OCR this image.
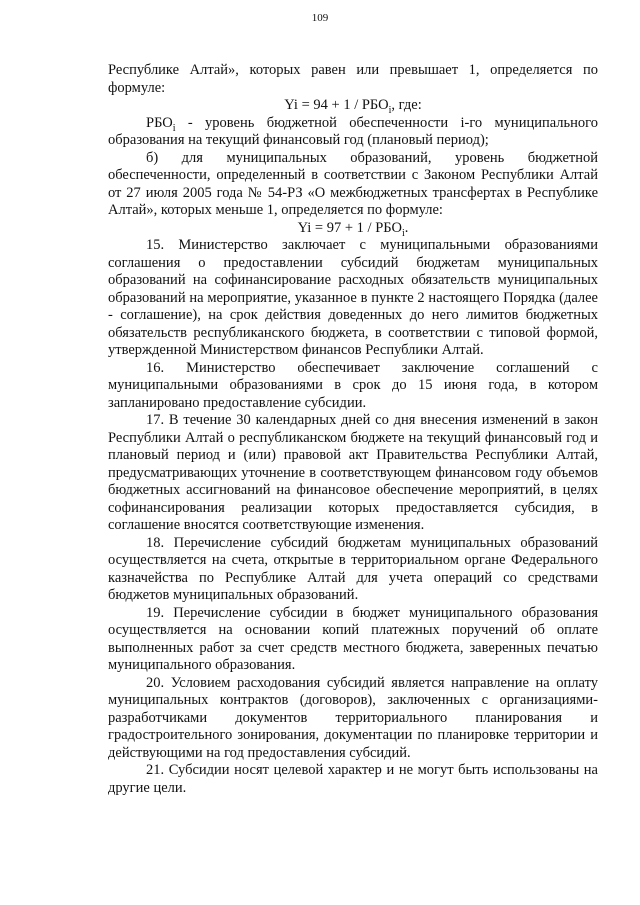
109

Республике Алтай», которых равен или превышает 1, определяется по формуле:

$Yi = 94 + 1 / РБО_i$, где:

$РБО_i$ - уровень бюджетной обеспеченности i-го муниципального образования на текущий финансовый год (плановый период);

б) для муниципальных образований, уровень бюджетной обеспеченности, определенный в соответствии с Законом Республики Алтай от 27 июля 2005 года № 54-РЗ «О межбюджетных трансфертах в Республике Алтай», которых меньше 1, определяется по формуле:

$Yi = 97 + 1 / РБО_i$.

15. Министерство заключает с муниципальными образованиями соглашения о предоставлении субсидий бюджетам муниципальных образований на софинансирование расходных обязательств муниципальных образований на мероприятие, указанное в пункте 2 настоящего Порядка (далее - соглашение), на срок действия доведенных до него лимитов бюджетных обязательств республиканского бюджета, в соответствии с типовой формой, утвержденной Министерством финансов Республики Алтай.

16. Министерство обеспечивает заключение соглашений с муниципальными образованиями в срок до 15 июня года, в котором запланировано предоставление субсидии.

17. В течение 30 календарных дней со дня внесения изменений в закон Республики Алтай о республиканском бюджете на текущий финансовый год и плановый период и (или) правовой акт Правительства Республики Алтай, предусматривающих уточнение в соответствующем финансовом году объемов бюджетных ассигнований на финансовое обеспечение мероприятий, в целях софинансирования реализации которых предоставляется субсидия, в соглашение вносятся соответствующие изменения.

18. Перечисление субсидий бюджетам муниципальных образований осуществляется на счета, открытые в территориальном органе Федерального казначейства по Республике Алтай для учета операций со средствами бюджетов муниципальных образований.

19. Перечисление субсидии в бюджет муниципального образования осуществляется на основании копий платежных поручений об оплате выполненных работ за счет средств местного бюджета, заверенных печатью муниципального образования.

20. Условием расходования субсидий является направление на оплату муниципальных контрактов (договоров), заключенных с организациями-разработчиками документов территориального планирования и градостроительного зонирования, документации по планировке территории и действующими на год предоставления субсидий.

21. Субсидии носят целевой характер и не могут быть использованы на другие цели.
